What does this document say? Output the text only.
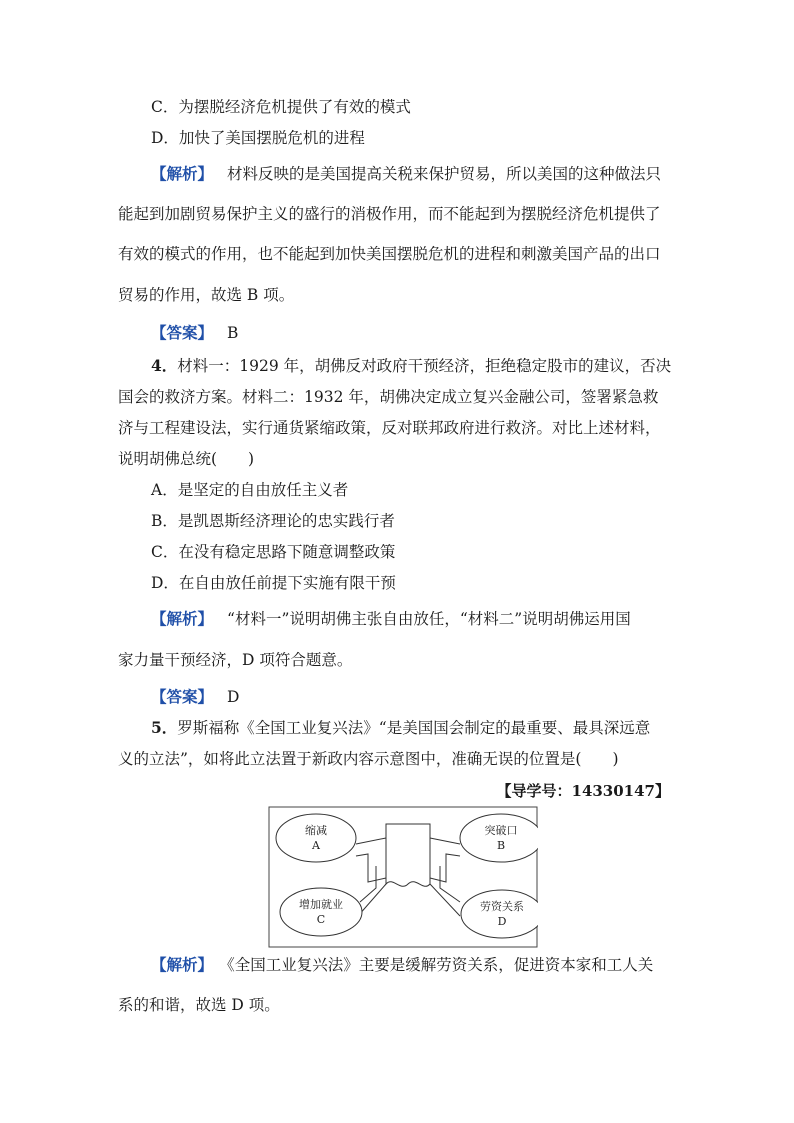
C．为摆脱经济危机提供了有效的模式
D．加快了美国摆脱危机的进程
【解析】 材料反映的是美国提高关税来保护贸易，所以美国的这种做法只
能起到加剧贸易保护主义的盛行的消极作用，而不能起到为摆脱经济危机提供了
有效的模式的作用，也不能起到加快美国摆脱危机的进程和刺激美国产品的出口
贸易的作用，故选 B 项。
【答案】 B
4．材料一：1929 年，胡佛反对政府干预经济，拒绝稳定股市的建议，否决
国会的救济方案。材料二：1932 年，胡佛决定成立复兴金融公司，签署紧急救
济与工程建设法，实行通货紧缩政策，反对联邦政府进行救济。对比上述材料，
说明胡佛总统(　　)
A．是坚定的自由放任主义者
B．是凯恩斯经济理论的忠实践行者
C．在没有稳定思路下随意调整政策
D．在自由放任前提下实施有限干预
【解析】 “材料一”说明胡佛主张自由放任，“材料二”说明胡佛运用国
家力量干预经济，D 项符合题意。
【答案】 D
5．罗斯福称《全国工业复兴法》“是美国国会制定的最重要、最具深远意
义的立法”，如将此立法置于新政内容示意图中，准确无误的位置是(　　)
【导学号：14330147】
缩减
A
突破口
B
增加就业
C
劳资关系
D
【解析】 《全国工业复兴法》主要是缓解劳资关系，促进资本家和工人关
系的和谐，故选 D 项。
